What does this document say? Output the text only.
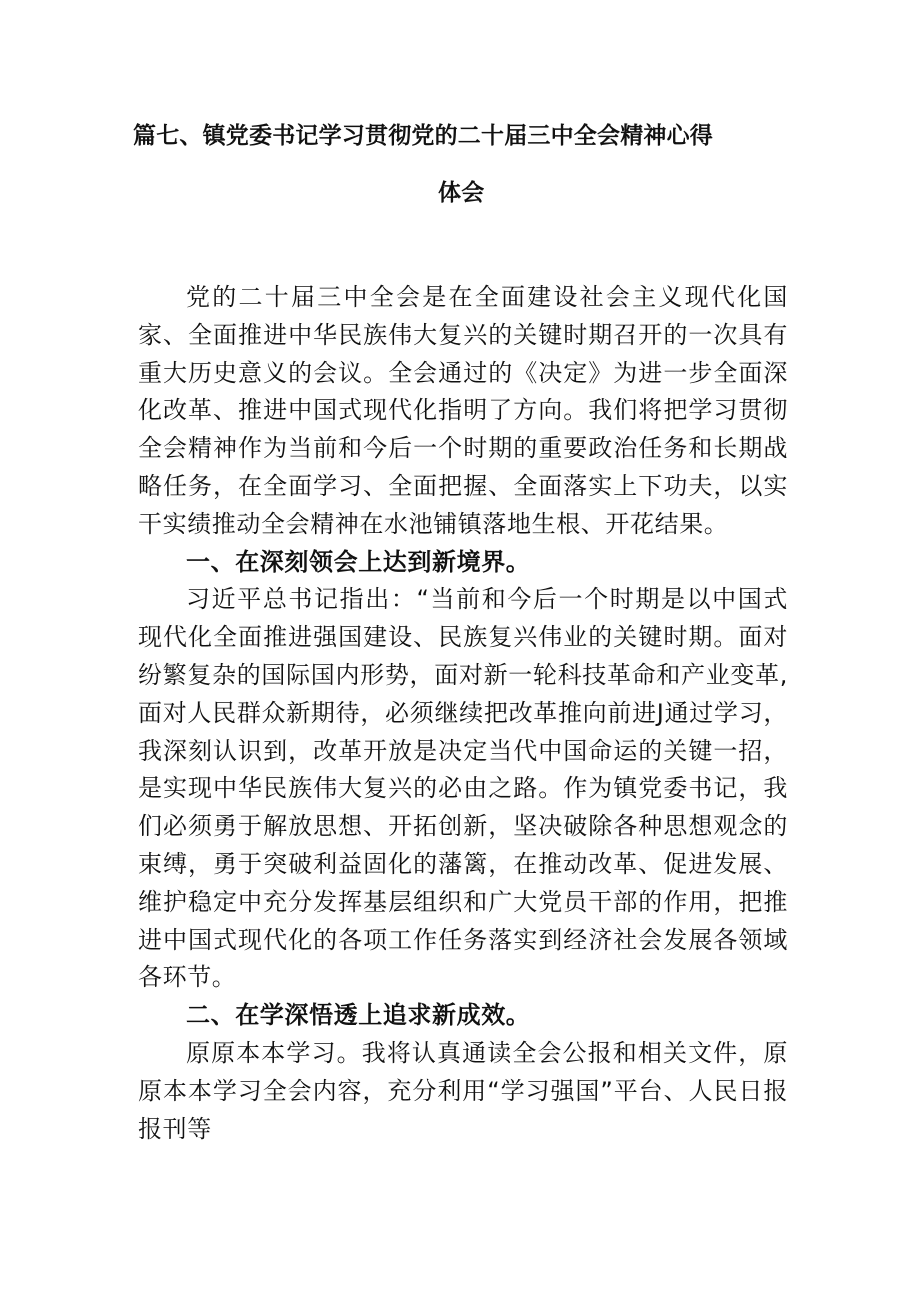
篇七、镇党委书记学习贯彻党的二十届三中全会精神心得
体会

党的二十届三中全会是在全面建设社会主义现代化国家、全面推进中华民族伟大复兴的关键时期召开的一次具有重大历史意义的会议。全会通过的《决定》为进一步全面深化改革、推进中国式现代化指明了方向。我们将把学习贯彻全会精神作为当前和今后一个时期的重要政治任务和长期战略任务，在全面学习、全面把握、全面落实上下功夫，以实干实绩推动全会精神在水池铺镇落地生根、开花结果。

一、在深刻领会上达到新境界。

习近平总书记指出：“当前和今后一个时期是以中国式现代化全面推进强国建设、民族复兴伟业的关键时期。面对纷繁复杂的国际国内形势，面对新一轮科技革命和产业变革,面对人民群众新期待，必须继续把改革推向前进J通过学习，我深刻认识到，改革开放是决定当代中国命运的关键一招，是实现中华民族伟大复兴的必由之路。作为镇党委书记，我们必须勇于解放思想、开拓创新，坚决破除各种思想观念的束缚，勇于突破利益固化的藩篱，在推动改革、促进发展、维护稳定中充分发挥基层组织和广大党员干部的作用，把推进中国式现代化的各项工作任务落实到经济社会发展各领域各环节。

二、在学深悟透上追求新成效。

原原本本学习。我将认真通读全会公报和相关文件，原原本本学习全会内容，充分利用“学习强国”平台、人民日报报刊等
